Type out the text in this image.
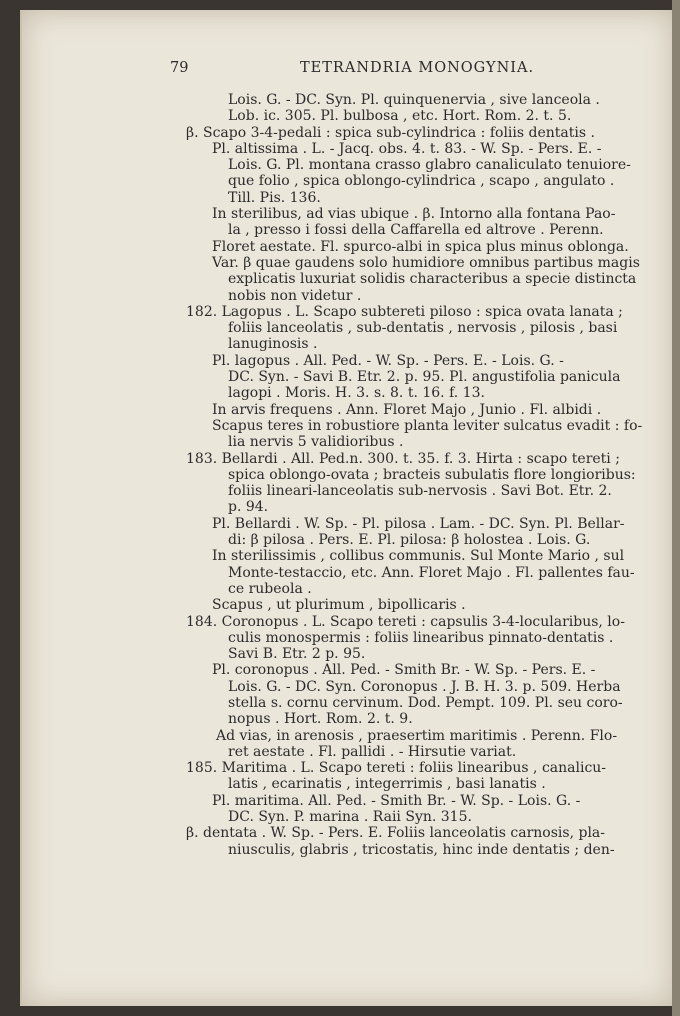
79	TETRANDRIA MONOGYNIA.
Lois. G. - DC. Syn. Pl. quinquenervia , sive lanceola .
Lob. ic. 305. Pl. bulbosa , etc. Hort. Rom. 2. t. 5.
β. Scapo 3-4-pedali : spica sub-cylindrica : foliis dentatis .
Pl. altissima . L. - Jacq. obs. 4. t. 83. - W. Sp. - Pers. E. -
Lois. G. Pl. montana crasso glabro canaliculato tenuiore-
que folio , spica oblongo-cylindrica , scapo , angulato .
Till. Pis. 136.
In sterilibus, ad vias ubique . β. Intorno alla fontana Pao-
la , presso i fossi della Caffarella ed altrove . Perenn.
Floret aestate. Fl. spurco-albi in spica plus minus oblonga.
Var. β quae gaudens solo humidiore omnibus partibus magis
explicatis luxuriat solidis characteribus a specie distincta
nobis non videtur .
182. Lagopus . L. Scapo subtereti piloso : spica ovata lanata ;
foliis lanceolatis , sub-dentatis , nervosis , pilosis , basi
lanuginosis .
Pl. lagopus . All. Ped. - W. Sp. - Pers. E. - Lois. G. -
DC. Syn. - Savi B. Etr. 2. p. 95. Pl. angustifolia panicula
lagopi . Moris. H. 3. s. 8. t. 16. f. 13.
In arvis frequens . Ann. Floret Majo , Junio . Fl. albidi .
Scapus teres in robustiore planta leviter sulcatus evadit : fo-
lia nervis 5 validioribus .
183. Bellardi . All. Ped.n. 300. t. 35. f. 3. Hirta : scapo tereti ;
spica oblongo-ovata ; bracteis subulatis flore longioribus:
foliis lineari-lanceolatis sub-nervosis . Savi Bot. Etr. 2.
p. 94.
Pl. Bellardi . W. Sp. - Pl. pilosa . Lam. - DC. Syn. Pl. Bellar-
di: β pilosa . Pers. E. Pl. pilosa: β holostea . Lois. G.
In sterilissimis , collibus communis. Sul Monte Mario , sul
Monte-testaccio, etc. Ann. Floret Majo . Fl. pallentes fau-
ce rubeola .
Scapus , ut plurimum , bipollicaris .
184. Coronopus . L. Scapo tereti : capsulis 3-4-locularibus, lo-
culis monospermis : foliis linearibus pinnato-dentatis .
Savi B. Etr. 2 p. 95.
Pl. coronopus . All. Ped. - Smith Br. - W. Sp. - Pers. E. -
Lois. G. - DC. Syn. Coronopus . J. B. H. 3. p. 509. Herba
stella s. cornu cervinum. Dod. Pempt. 109. Pl. seu coro-
nopus . Hort. Rom. 2. t. 9.
Ad vias, in arenosis , praesertim maritimis . Perenn. Flo-
ret aestate . Fl. pallidi . - Hirsutie variat.
185. Maritima . L. Scapo tereti : foliis linearibus , canalicu-
latis , ecarinatis , integerrimis , basi lanatis .
Pl. maritima. All. Ped. - Smith Br. - W. Sp. - Lois. G. -
DC. Syn. P. marina . Raii Syn. 315.
β. dentata . W. Sp. - Pers. E. Foliis lanceolatis carnosis, pla-
niusculis, glabris , tricostatis, hinc inde dentatis ; den-
